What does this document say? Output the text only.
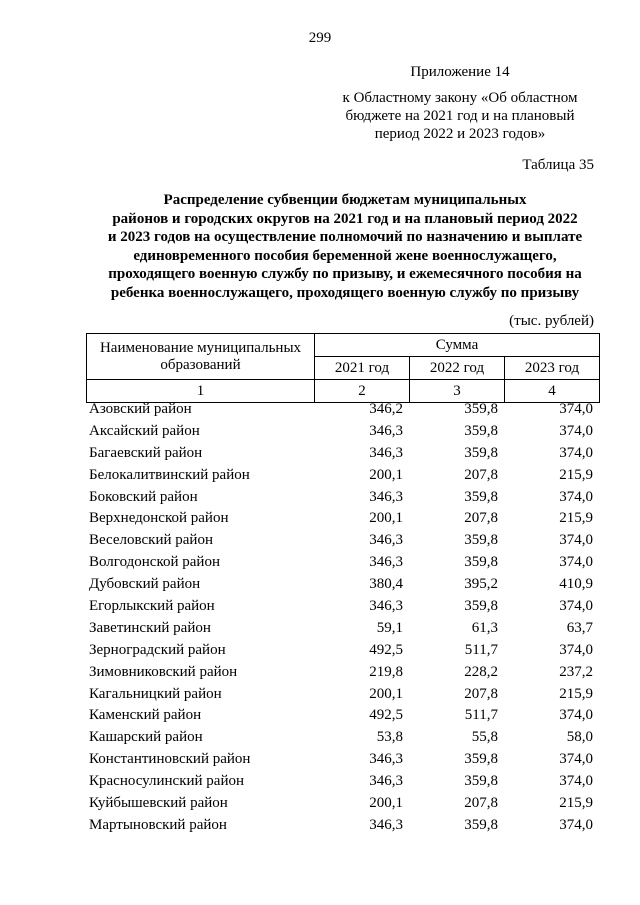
299
Приложение 14
к Областному закону «Об областном
бюджете на 2021 год и на плановый
период 2022 и 2023 годов»
Таблица 35
Распределение субвенции бюджетам муниципальных
районов и городских округов на 2021 год и на плановый период 2022
и 2023 годов на осуществление полномочий по назначению и выплате
единовременного пособия беременной жене военнослужащего,
проходящего военную службу по призыву, и ежемесячного пособия на
ребенка военнослужащего, проходящего военную службу по призыву
(тыс. рублей)
Наименование муниципальных
образований	Сумма		
	2021 год	2022 год	2023 год
1	2	3	4
Азовский район	346,2	359,8	374,0
Аксайский район	346,3	359,8	374,0
Багаевский район	346,3	359,8	374,0
Белокалитвинский район	200,1	207,8	215,9
Боковский район	346,3	359,8	374,0
Верхнедонской район	200,1	207,8	215,9
Веселовский район	346,3	359,8	374,0
Волгодонской район	346,3	359,8	374,0
Дубовский район	380,4	395,2	410,9
Егорлыкский район	346,3	359,8	374,0
Заветинский район	59,1	61,3	63,7
Зерноградский район	492,5	511,7	374,0
Зимовниковский район	219,8	228,2	237,2
Кагальницкий район	200,1	207,8	215,9
Каменский район	492,5	511,7	374,0
Кашарский район	53,8	55,8	58,0
Константиновский район	346,3	359,8	374,0
Красносулинский район	346,3	359,8	374,0
Куйбышевский район	200,1	207,8	215,9
Мартыновский район	346,3	359,8	374,0
